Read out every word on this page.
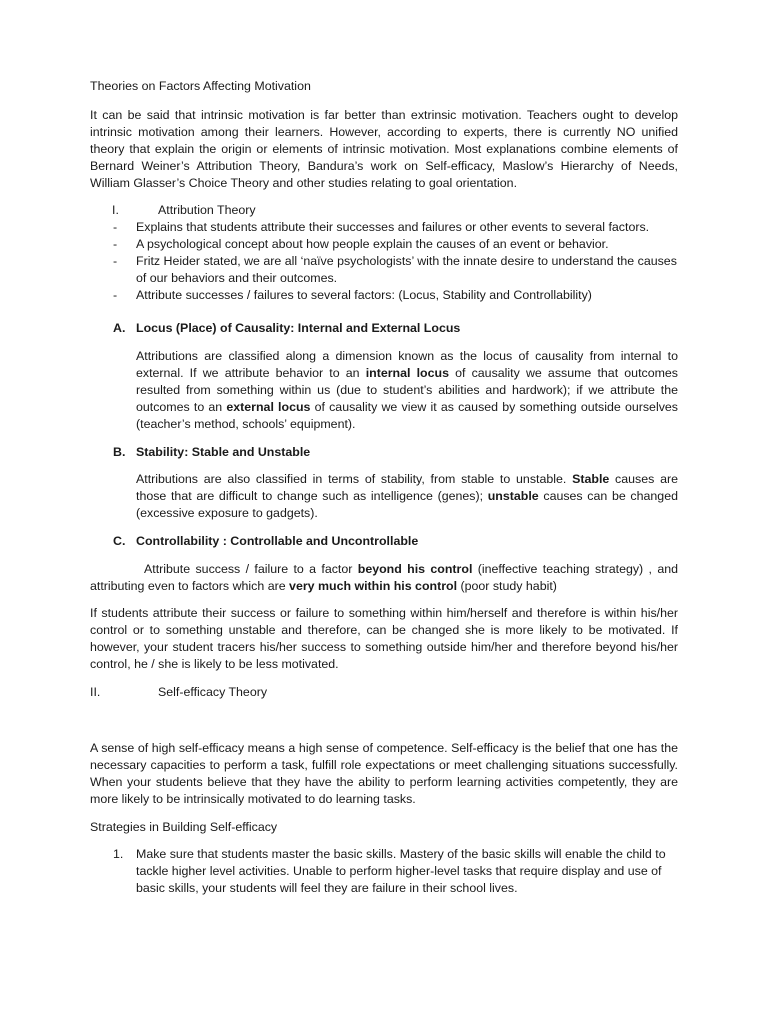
Theories on Factors Affecting Motivation

It can be said that intrinsic motivation is far better than extrinsic motivation. Teachers ought to develop intrinsic motivation among their learners. However, according to experts, there is currently NO unified theory that explain the origin or elements of intrinsic motivation. Most explanations combine elements of Bernard Weiner’s Attribution Theory, Bandura’s work on Self-efficacy, Maslow’s Hierarchy of Needs, William Glasser’s Choice Theory and other studies relating to goal orientation.

I.	Attribution Theory
- Explains that students attribute their successes and failures or other events to several factors.
- A psychological concept about how people explain the causes of an event or behavior.
- Fritz Heider stated, we are all ‘naïve psychologists’ with the innate desire to understand the causes of our behaviors and their outcomes.
- Attribute successes / failures to several factors: (Locus, Stability and Controllability)
A. Locus (Place) of Causality: Internal and External Locus

Attributions are classified along a dimension known as the locus of causality from internal to external. If we attribute behavior to an internal locus of causality we assume that outcomes resulted from something within us (due to student’s abilities and hardwork); if we attribute the outcomes to an external locus of causality we view it as caused by something outside ourselves (teacher’s method, schools’ equipment).

B. Stability: Stable and Unstable

Attributions are also classified in terms of stability, from stable to unstable. Stable causes are those that are difficult to change such as intelligence (genes); unstable causes can be changed (excessive exposure to gadgets).

C. Controllability : Controllable and Uncontrollable

Attribute success / failure to a factor beyond his control (ineffective teaching strategy) , and attributing even to factors which are very much within his control (poor study habit)

If students attribute their success or failure to something within him/herself and therefore is within his/her control or to something unstable and therefore, can be changed she is more likely to be motivated. If however, your student tracers his/her success to something outside him/her and therefore beyond his/her control, he / she is likely to be less motivated.

II.	Self-efficacy Theory

A sense of high self-efficacy means a high sense of competence. Self-efficacy is the belief that one has the necessary capacities to perform a task, fulfill role expectations or meet challenging situations successfully. When your students believe that they have the ability to perform learning activities competently, they are more likely to be intrinsically motivated to do learning tasks.

Strategies in Building Self-efficacy

1. Make sure that students master the basic skills. Mastery of the basic skills will enable the child to tackle higher level activities. Unable to perform higher-level tasks that require display and use of basic skills, your students will feel they are failure in their school lives.
